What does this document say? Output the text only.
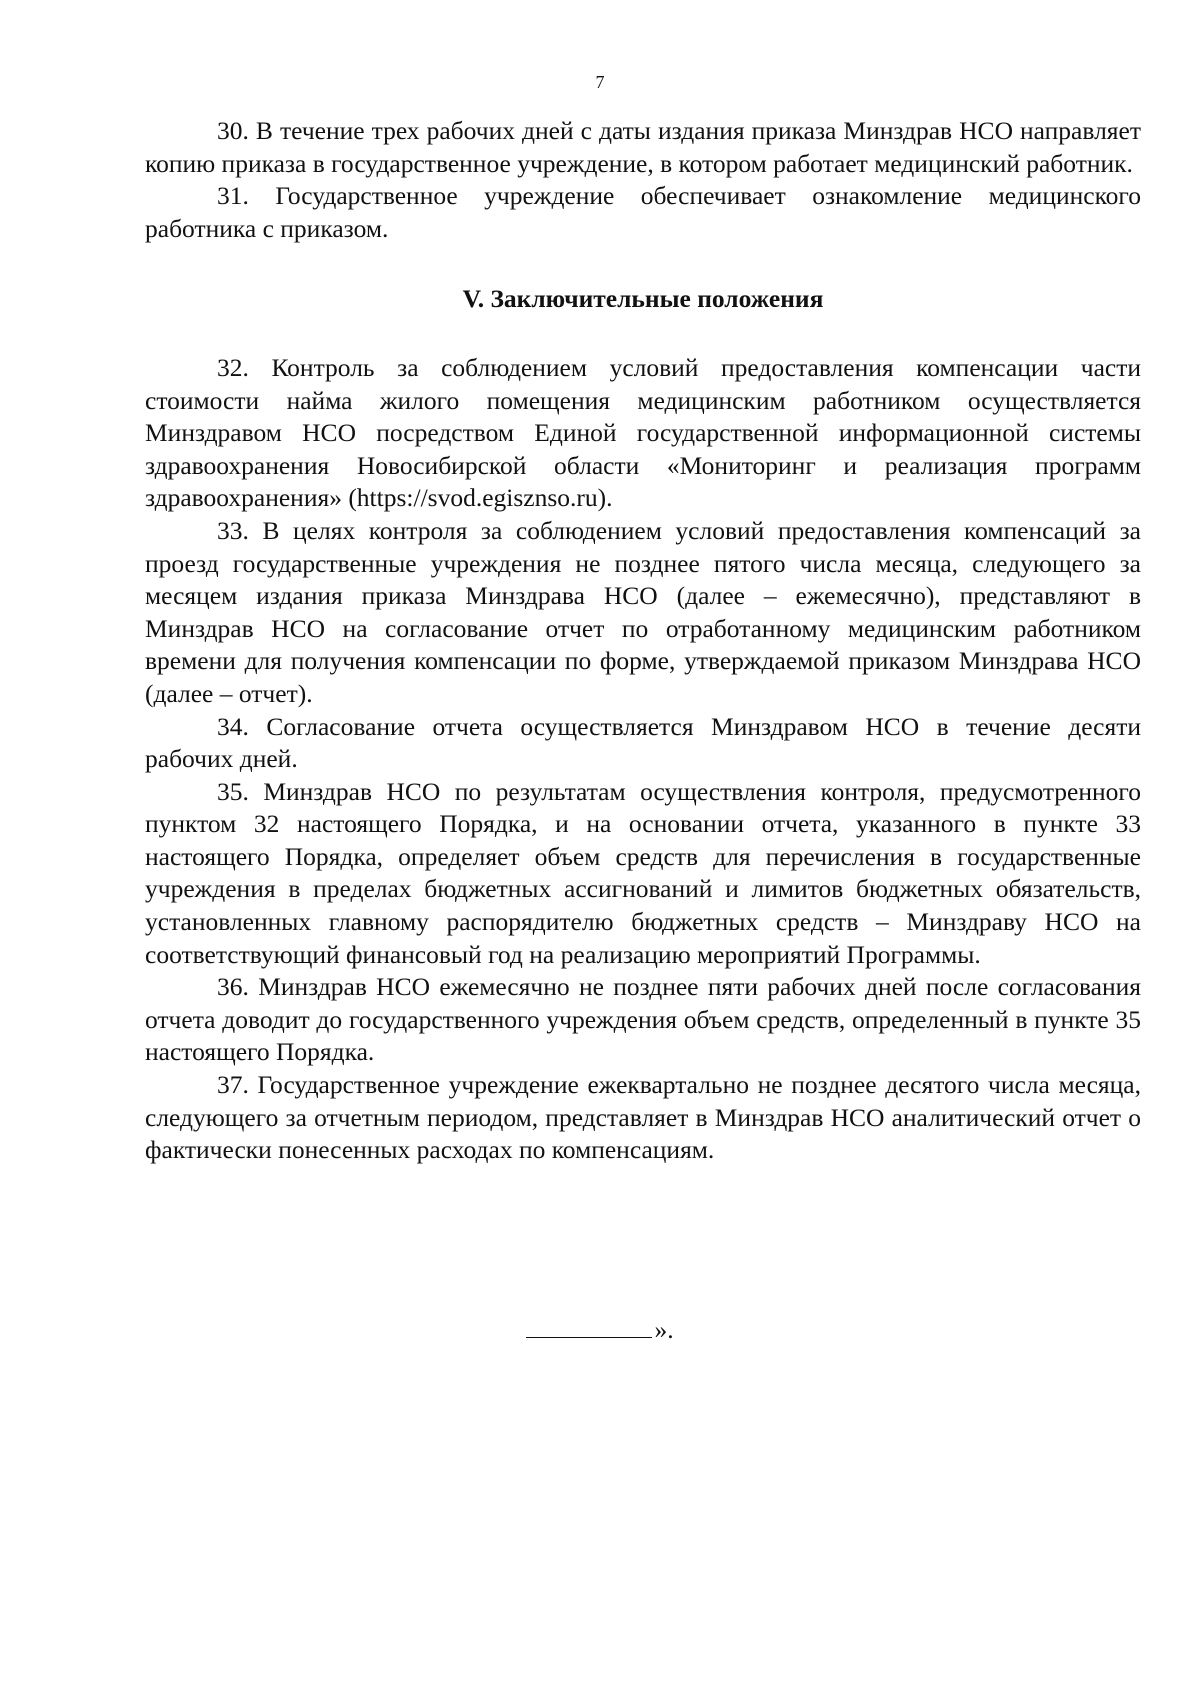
7

30. В течение трех рабочих дней с даты издания приказа Минздрав НСО направляет копию приказа в государственное учреждение, в котором работает медицинский работник.

31. Государственное учреждение обеспечивает ознакомление медицинского работника с приказом.

V. Заключительные положения

32. Контроль за соблюдением условий предоставления компенсации части стоимости найма жилого помещения медицинским работником осуществляется Минздравом НСО посредством Единой государственной информационной системы здравоохранения Новосибирской области «Мониторинг и реализация программ здравоохранения» (https://svod.egisznso.ru).

33. В целях контроля за соблюдением условий предоставления компенсаций за проезд государственные учреждения не позднее пятого числа месяца, следующего за месяцем издания приказа Минздрава НСО (далее – ежемесячно), представляют в Минздрав НСО на согласование отчет по отработанному медицинским работником времени для получения компенсации по форме, утверждаемой приказом Минздрава НСО (далее – отчет).

34. Согласование отчета осуществляется Минздравом НСО в течение десяти рабочих дней.

35. Минздрав НСО по результатам осуществления контроля, предусмотренного пунктом 32 настоящего Порядка, и на основании отчета, указанного в пункте 33 настоящего Порядка, определяет объем средств для перечисления в государственные учреждения в пределах бюджетных ассигнований и лимитов бюджетных обязательств, установленных главному распорядителю бюджетных средств – Минздраву НСО на соответствующий финансовый год на реализацию мероприятий Программы.

36. Минздрав НСО ежемесячно не позднее пяти рабочих дней после согласования отчета доводит до государственного учреждения объем средств, определенный в пункте 35 настоящего Порядка.

37. Государственное учреждение ежеквартально не позднее десятого числа месяца, следующего за отчетным периодом, представляет в Минздрав НСО аналитический отчет о фактически понесенных расходах по компенсациям.

».
